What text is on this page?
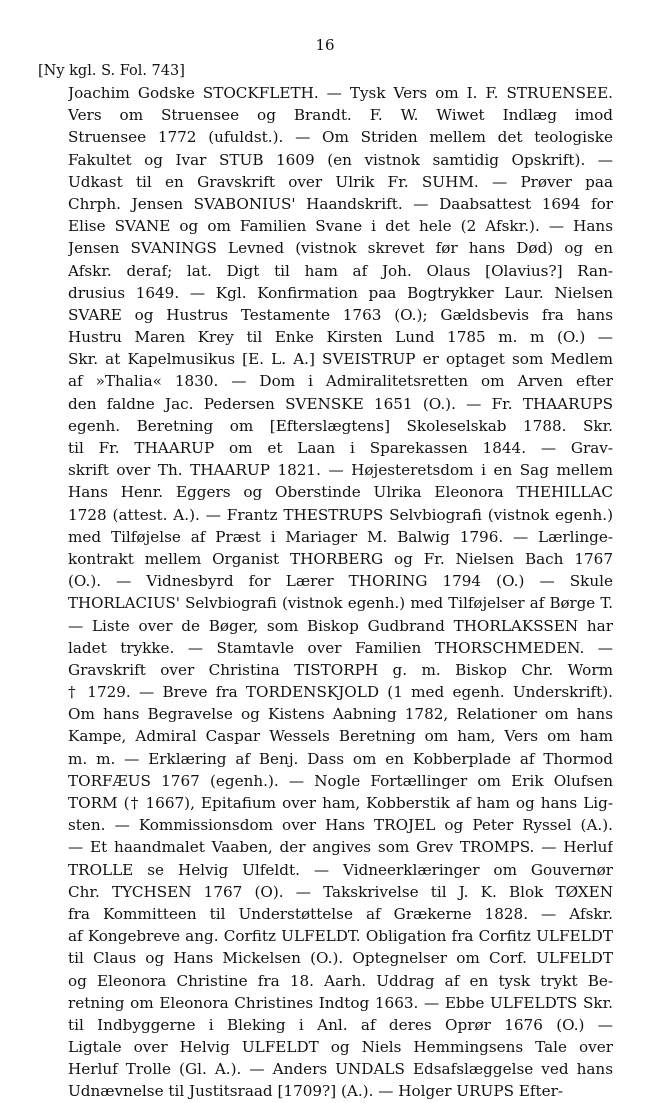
16
[Ny kgl. S. Fol. 743]
Joachim Godske STOCKFLETH. — Tysk Vers om I. F. STRUENSEE.
Vers om Struensee og Brandt. F. W. Wiwet Indlæg imod
Struensee 1772 (ufuldst.). — Om Striden mellem det teologiske
Fakultet og Ivar STUB 1609 (en vistnok samtidig Opskrift). —
Udkast til en Gravskrift over Ulrik Fr. SUHM. — Prøver paa
Chrph. Jensen SVABONIUS' Haandskrift. — Daabsattest 1694 for
Elise SVANE og om Familien Svane i det hele (2 Afskr.). — Hans
Jensen SVANINGS Levned (vistnok skrevet før hans Død) og en
Afskr. deraf; lat. Digt til ham af Joh. Olaus [Olavius?] Ran-
drusius 1649. — Kgl. Konfirmation paa Bogtrykker Laur. Nielsen
SVARE og Hustrus Testamente 1763 (O.); Gældsbevis fra hans
Hustru Maren Krey til Enke Kirsten Lund 1785 m. m (O.) —
Skr. at Kapelmusikus [E. L. A.] SVEISTRUP er optaget som Medlem
af »Thalia« 1830. — Dom i Admiralitetsretten om Arven efter
den faldne Jac. Pedersen SVENSKE 1651 (O.). — Fr. THAARUPS
egenh. Beretning om [Efterslægtens] Skoleselskab 1788. Skr.
til Fr. THAARUP om et Laan i Sparekassen 1844. — Grav-
skrift over Th. THAARUP 1821. — Højesteretsdom i en Sag mellem
Hans Henr. Eggers og Oberstinde Ulrika Eleonora THEHILLAC
1728 (attest. A.). — Frantz THESTRUPS Selvbiografi (vistnok egenh.)
med Tilføjelse af Præst i Mariager M. Balwig 1796. — Lærlinge-
kontrakt mellem Organist THORBERG og Fr. Nielsen Bach 1767
(O.). — Vidnesbyrd for Lærer THORING 1794 (O.) — Skule
THORLACIUS' Selvbiografi (vistnok egenh.) med Tilføjelser af Børge T.
— Liste over de Bøger, som Biskop Gudbrand THORLAKSSEN har
ladet trykke. — Stamtavle over Familien THORSCHMEDEN. —
Gravskrift over Christina TISTORPH g. m. Biskop Chr. Worm
† 1729. — Breve fra TORDENSKJOLD (1 med egenh. Underskrift).
Om hans Begravelse og Kistens Aabning 1782, Relationer om hans
Kampe, Admiral Caspar Wessels Beretning om ham, Vers om ham
m. m. — Erklæring af Benj. Dass om en Kobberplade af Thormod
TORFÆUS 1767 (egenh.). — Nogle Fortællinger om Erik Olufsen
TORM († 1667), Epitafium over ham, Kobberstik af ham og hans Lig-
sten. — Kommissionsdom over Hans TROJEL og Peter Ryssel (A.).
— Et haandmalet Vaaben, der angives som Grev TROMPS. — Herluf
TROLLE se Helvig Ulfeldt. — Vidneerklæringer om Gouvernør
Chr. TYCHSEN 1767 (O). — Takskrivelse til J. K. Blok TØXEN
fra Kommitteen til Understøttelse af Grækerne 1828. — Afskr.
af Kongebreve ang. Corfitz ULFELDT. Obligation fra Corfitz ULFELDT
til Claus og Hans Mickelsen (O.). Optegnelser om Corf. ULFELDT
og Eleonora Christine fra 18. Aarh. Uddrag af en tysk trykt Be-
retning om Eleonora Christines Indtog 1663. — Ebbe ULFELDTS Skr.
til Indbyggerne i Bleking i Anl. af deres Oprør 1676 (O.) —
Ligtale over Helvig ULFELDT og Niels Hemmingsens Tale over
Herluf Trolle (Gl. A.). — Anders UNDALS Edsafslæggelse ved hans
Udnævnelse til Justitsraad [1709?] (A.). — Holger URUPS Efter-
